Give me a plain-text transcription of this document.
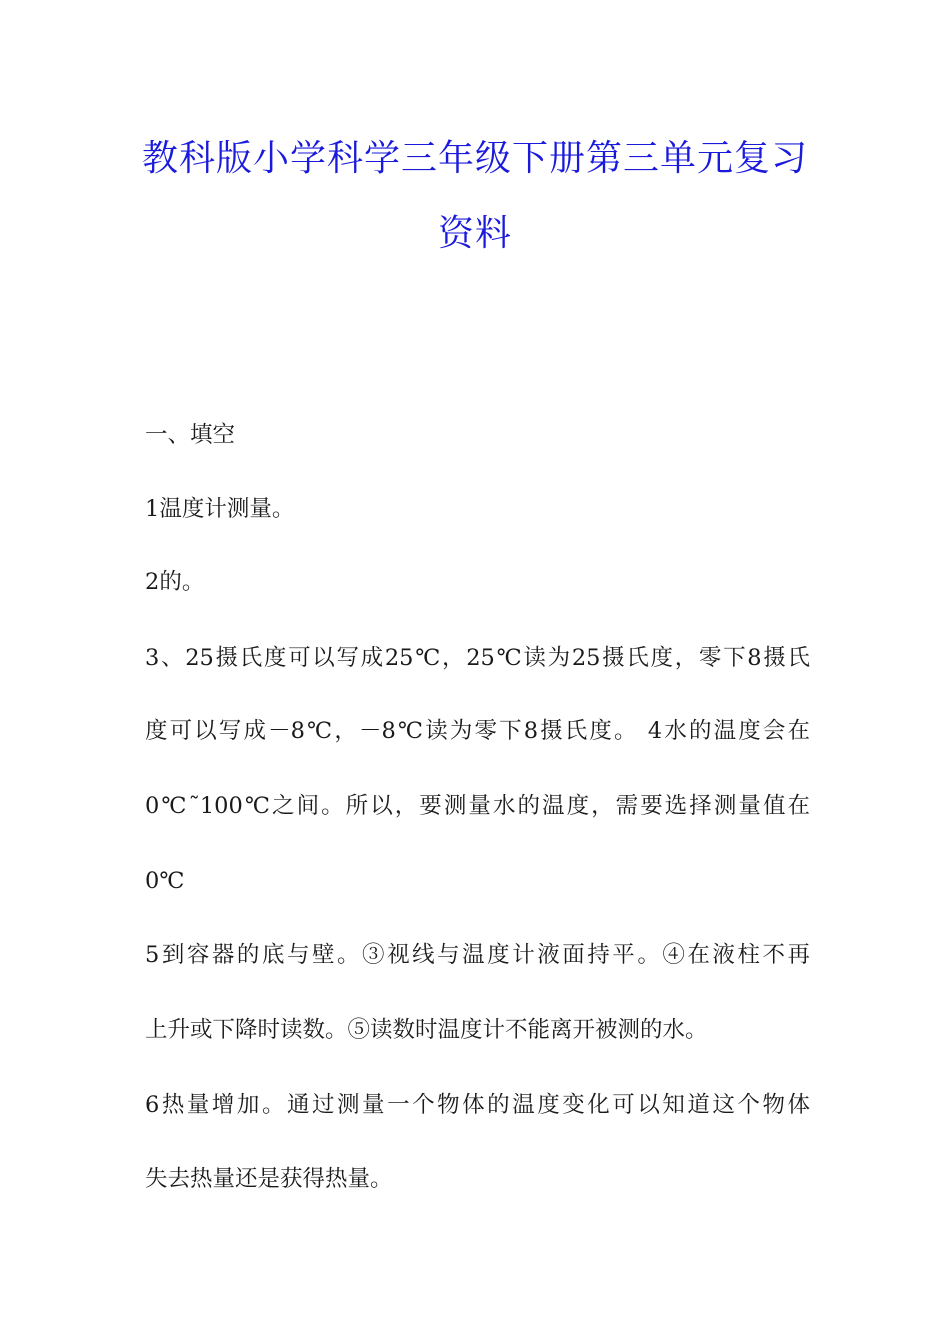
教科版小学科学三年级下册第三单元复习
资料
一、填空
1温度计测量。
2的。
3、25摄氏度可以写成25℃，25℃读为25摄氏度，零下8摄氏
度可以写成－8℃，－8℃读为零下8摄氏度。 4水的温度会在
0℃˜100℃之间。所以，要测量水的温度，需要选择测量值在
0℃
5到容器的底与壁。③视线与温度计液面持平。④在液柱不再
上升或下降时读数。⑤读数时温度计不能离开被测的水。
6热量增加。通过测量一个物体的温度变化可以知道这个物体
失去热量还是获得热量。
